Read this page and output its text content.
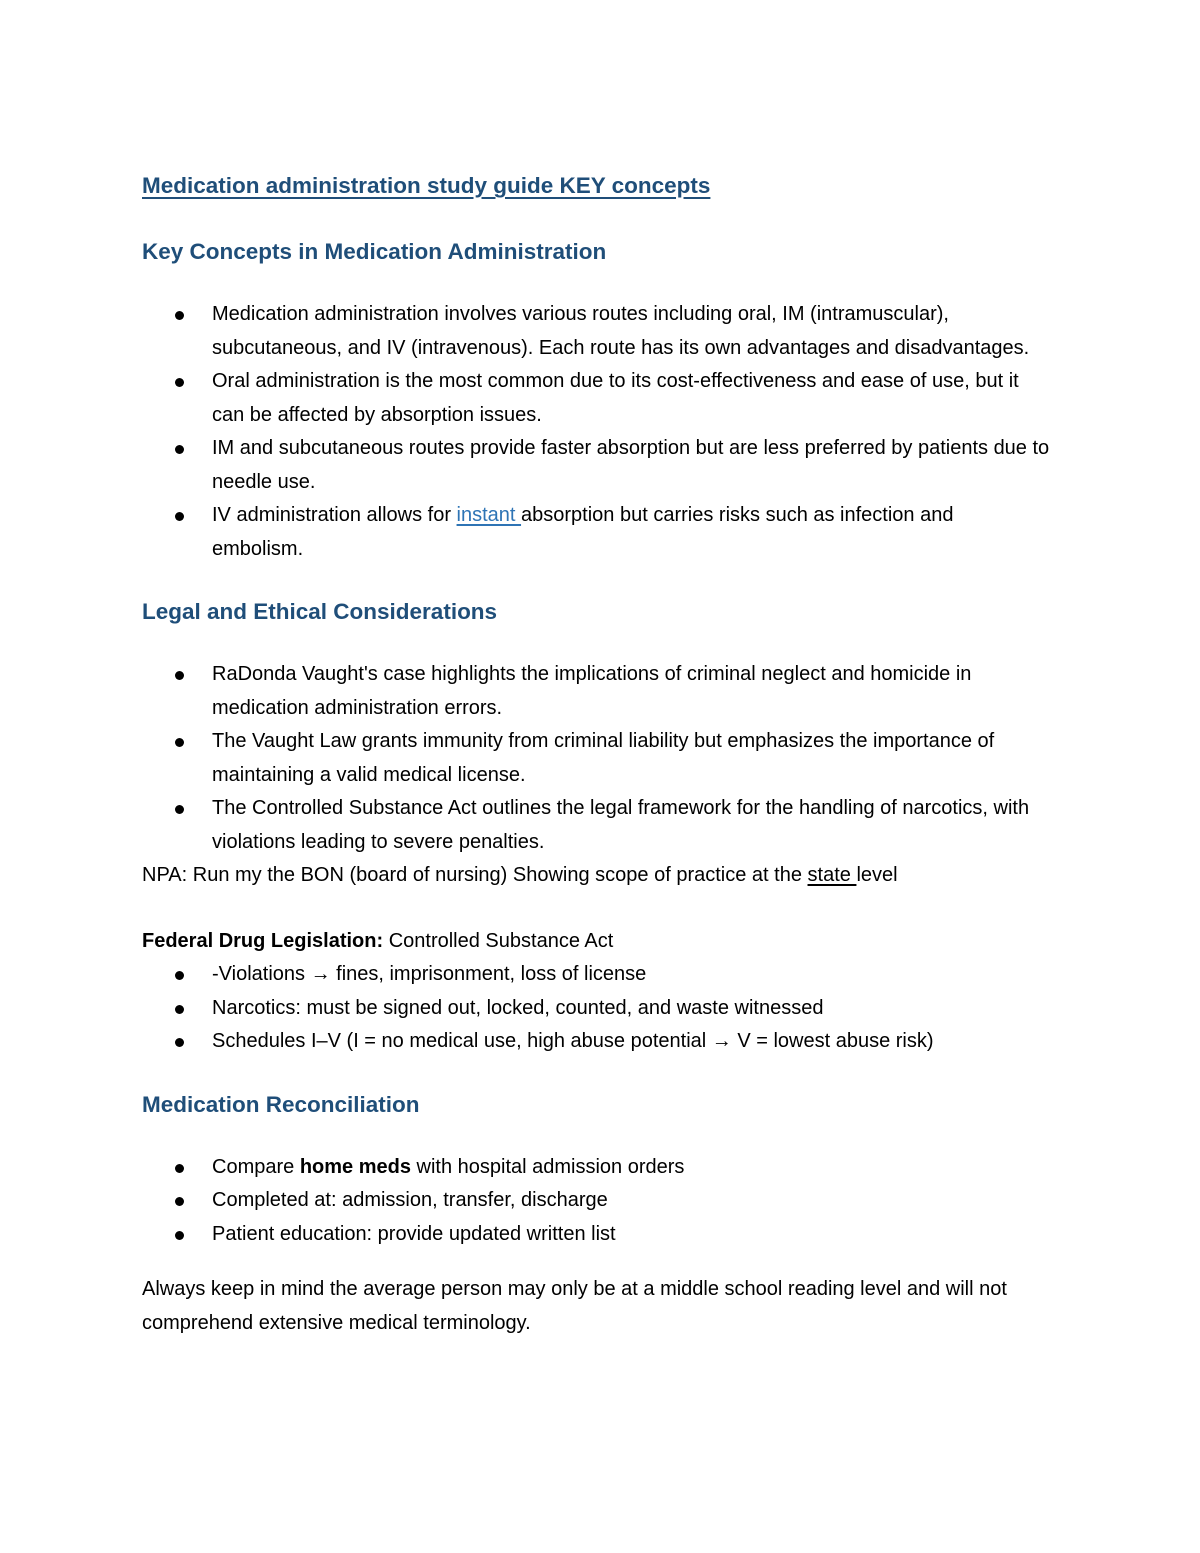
Medication administration study guide KEY concepts
Key Concepts in Medication Administration
Medication administration involves various routes including oral, IM (intramuscular), subcutaneous, and IV (intravenous). Each route has its own advantages and disadvantages.
Oral administration is the most common due to its cost-effectiveness and ease of use, but it can be affected by absorption issues.
IM and subcutaneous routes provide faster absorption but are less preferred by patients due to needle use.
IV administration allows for instant absorption but carries risks such as infection and embolism.
Legal and Ethical Considerations
RaDonda Vaught's case highlights the implications of criminal neglect and homicide in medication administration errors.
The Vaught Law grants immunity from criminal liability but emphasizes the importance of maintaining a valid medical license.
The Controlled Substance Act outlines the legal framework for the handling of narcotics, with violations leading to severe penalties.

NPA: Run my the BON (board of nursing) Showing scope of practice at the state level

Federal Drug Legislation: Controlled Substance Act

-Violations → fines, imprisonment, loss of license
Narcotics: must be signed out, locked, counted, and waste witnessed
Schedules I–V (I = no medical use, high abuse potential → V = lowest abuse risk)
Medication Reconciliation
Compare home meds with hospital admission orders
Completed at: admission, transfer, discharge
Patient education: provide updated written list

Always keep in mind the average person may only be at a middle school reading level and will not comprehend extensive medical terminology.
